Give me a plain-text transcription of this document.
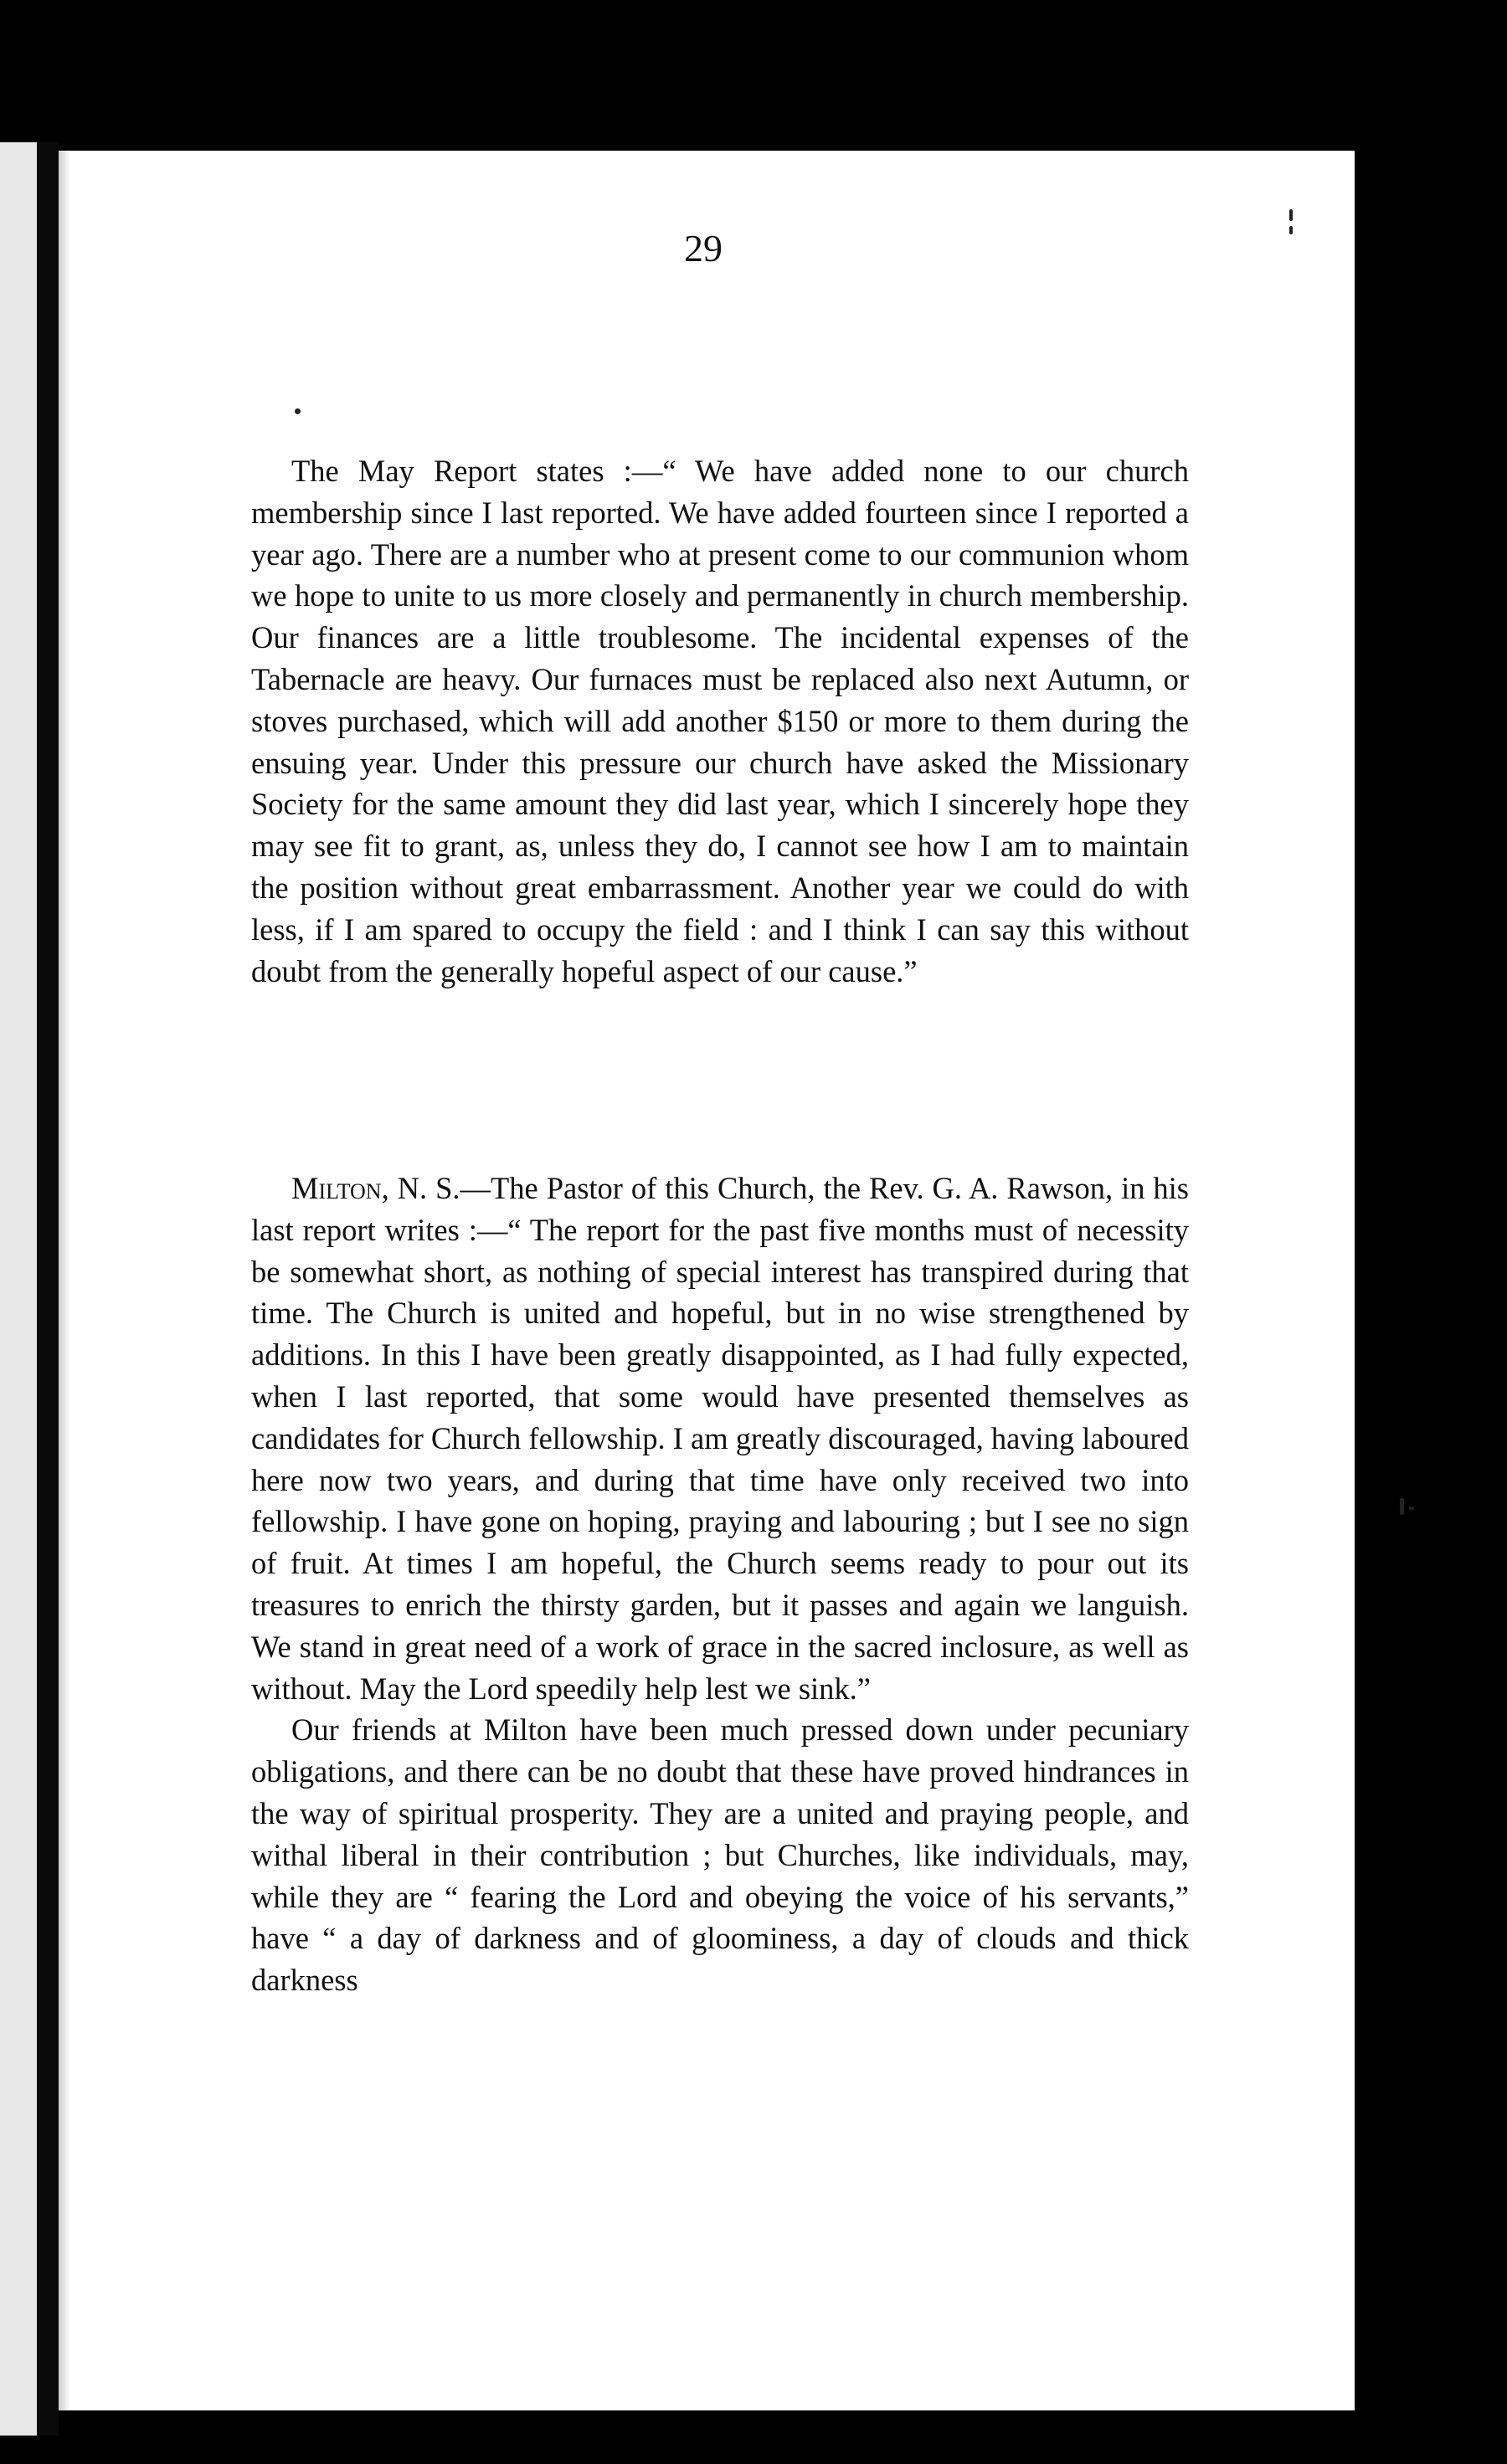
29

The May Report states :—“ We have added none to our church membership since I last reported. We have added fourteen since I reported a year ago. There are a number who at present come to our communion whom we hope to unite to us more closely and permanently in church membership. Our finances are a little troublesome. The incidental expenses of the Tabernacle are heavy. Our furnaces must be replaced also next Autumn, or stoves purchased, which will add another $150 or more to them during the ensuing year. Under this pressure our church have asked the Missionary Society for the same amount they did last year, which I sincerely hope they may see fit to grant, as, unless they do, I cannot see how I am to maintain the position without great embarrassment. Another year we could do with less, if I am spared to occupy the field : and I think I can say this without doubt from the generally hopeful aspect of our cause.”

Milton, N. S.—The Pastor of this Church, the Rev. G. A. Rawson, in his last report writes :—“ The report for the past five months must of necessity be somewhat short, as nothing of special interest has transpired during that time. The Church is united and hopeful, but in no wise strengthened by additions. In this I have been greatly disappointed, as I had fully expected, when I last reported, that some would have presented themselves as candidates for Church fellowship. I am greatly discouraged, having laboured here now two years, and during that time have only received two into fellowship. I have gone on hoping, praying and labouring ; but I see no sign of fruit. At times I am hopeful, the Church seems ready to pour out its treasures to enrich the thirsty garden, but it passes and again we languish. We stand in great need of a work of grace in the sacred inclosure, as well as without. May the Lord speedily help lest we sink.”

Our friends at Milton have been much pressed down under pecuniary obligations, and there can be no doubt that these have proved hindrances in the way of spiritual prosperity. They are a united and praying people, and withal liberal in their contribution ; but Churches, like individuals, may, while they are “ fearing the Lord and obeying the voice of his servants,” have “ a day of darkness and of gloominess, a day of clouds and thick darkness
